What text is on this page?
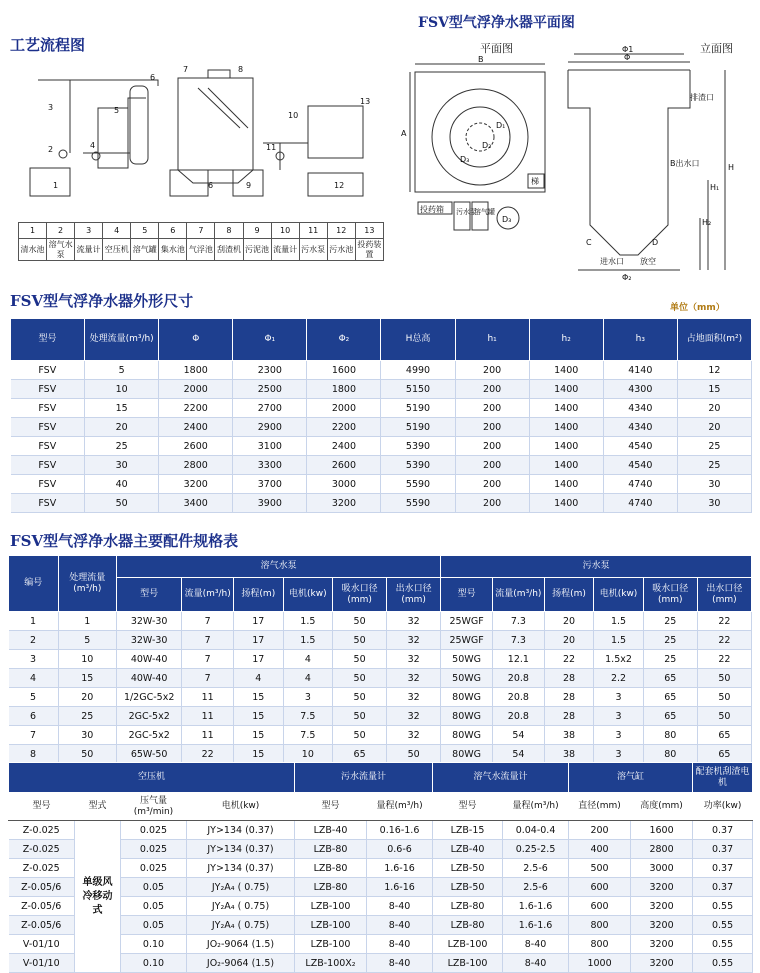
工艺流程图
1
2
3
4
5
6
7	8
6	9
10
11
12
13
1	2	3	4	5	6	7	8	9	10	11	12	13
清水池	溶气水泵	流量计	空压机	溶气罐	集水池	气浮池	刮渣机	污泥池	流量计	污水泵	污水池	投药装置
FSV型气浮净水器平面图
平面图	立面图
B
A
D₁
D₂
D₃
梯
投药箱 污水泵
溶气罐
D₃
Φ1
Φ
Φ₂
排渣口
B出水口
进水口 放空
C	D
H
H₁
H₂
FSV型气浮净水器外形尺寸	单位（mm）
型号	处理流量(m³/h)	Φ	Φ₁	Φ₂	H总高	h₁	h₂	h₃	占地面积(m²)
FSV	5	1800	2300	1600	4990	200	1400	4140	12
FSV	10	2000	2500	1800	5150	200	1400	4300	15
FSV	15	2200	2700	2000	5190	200	1400	4340	20
FSV	20	2400	2900	2200	5190	200	1400	4340	20
FSV	25	2600	3100	2400	5390	200	1400	4540	25
FSV	30	2800	3300	2600	5390	200	1400	4540	25
FSV	40	3200	3700	3000	5590	200	1400	4740	30
FSV	50	3400	3900	3200	5590	200	1400	4740	30
FSV型气浮净水器主要配件规格表
编号	处理流量(m³/h)	溶气水泵						污水泵					
		型号	流量(m³/h)	扬程(m)	电机(kw)	吸水口径(mm)	出水口径(mm)	型号	流量(m³/h)	扬程(m)	电机(kw)	吸水口径(mm)	出水口径(mm)
1	1	32W-30	7	17	1.5	50	32	25WGF	7.3	20	1.5	25	22
2	5	32W-30	7	17	1.5	50	32	25WGF	7.3	20	1.5	25	22
3	10	40W-40	7	17	4	50	32	50WG	12.1	22	1.5x2	25	22
4	15	40W-40	7	4	4	50	32	50WG	20.8	28	2.2	65	50
5	20	1/2GC-5x2	11	15	3	50	32	80WG	20.8	28	3	65	50
6	25	2GC-5x2	11	15	7.5	50	32	80WG	20.8	28	3	65	50
7	30	2GC-5x2	11	15	7.5	50	32	80WG	54	38	3	80	65
8	50	65W-50	22	15	10	65	50	80WG	54	38	3	80	65
空压机				污水流量计		溶气水流量计		溶气缸		配套机刮渣电机
型号	型式	压气量(m³/min)	电机(kw)	型号	量程(m³/h)	型号	量程(m³/h)	直径(mm)	高度(mm)	功率(kw)
Z-0.025	单级风冷移动式	0.025	JY>134 (0.37)	LZB-40	0.16-1.6	LZB-15	0.04-0.4	200	1600	0.37
Z-0.025		0.025	JY>134 (0.37)	LZB-80	0.6-6	LZB-40	0.25-2.5	400	2800	0.37
Z-0.025		0.025	JY>134 (0.37)	LZB-80	1.6-16	LZB-50	2.5-6	500	3000	0.37
Z-0.05/6		0.05	JY₂A₄ ( 0.75)	LZB-80	1.6-16	LZB-50	2.5-6	600	3200	0.37
Z-0.05/6		0.05	JY₂A₄ ( 0.75)	LZB-100	8-40	LZB-80	1.6-1.6	600	3200	0.55
Z-0.05/6		0.05	JY₂A₄ ( 0.75)	LZB-100	8-40	LZB-80	1.6-1.6	800	3200	0.55
V-01/10		0.10	JO₂-9064 (1.5)	LZB-100	8-40	LZB-100	8-40	800	3200	0.55
V-01/10		0.10	JO₂-9064 (1.5)	LZB-100X₂	8-40	LZB-100	8-40	1000	3200	0.55
